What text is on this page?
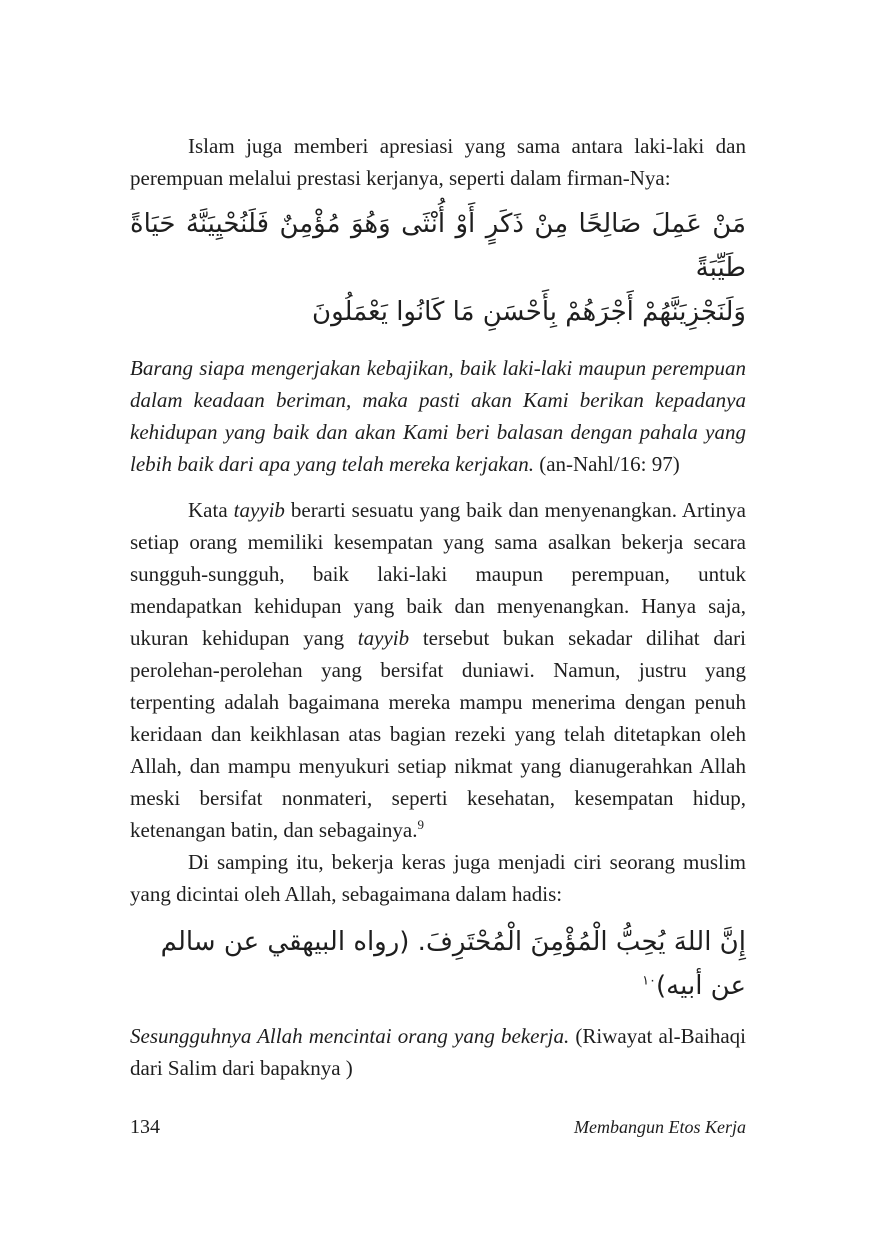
Islam juga memberi apresiasi yang sama antara laki-laki dan perempuan melalui prestasi kerjanya, seperti dalam firman-Nya:

مَنْ عَمِلَ صَالِحًا مِنْ ذَكَرٍ أَوْ أُنْثَى وَهُوَ مُؤْمِنٌ فَلَنُحْيِيَنَّهُ حَيَاةً طَيِّبَةً

وَلَنَجْزِيَنَّهُمْ أَجْرَهُمْ بِأَحْسَنِ مَا كَانُوا يَعْمَلُونَ

Barang siapa mengerjakan kebajikan, baik laki-laki maupun perempuan dalam keadaan beriman, maka pasti akan Kami berikan kepadanya kehidupan yang baik dan akan Kami beri balasan dengan pahala yang lebih baik dari apa yang telah mereka kerjakan. (an-Nahl/16: 97)

Kata tayyib berarti sesuatu yang baik dan menyenangkan. Artinya setiap orang memiliki kesempatan yang sama asalkan bekerja secara sungguh-sungguh, baik laki-laki maupun perempuan, untuk mendapatkan kehidupan yang baik dan menyenangkan. Hanya saja, ukuran kehidupan yang tayyib tersebut bukan sekadar dilihat dari perolehan-perolehan yang bersifat duniawi. Namun, justru yang terpenting adalah bagaimana mereka mampu menerima dengan penuh keridaan dan keikhlasan atas bagian rezeki yang telah ditetapkan oleh Allah, dan mampu menyukuri setiap nikmat yang dianugerahkan Allah meski bersifat nonmateri, seperti kesehatan, kesempatan hidup, ketenangan batin, dan sebagainya.$^9$

Di samping itu, bekerja keras juga menjadi ciri seorang muslim yang dicintai oleh Allah, sebagaimana dalam hadis:

إِنَّ اللهَ يُحِبُّ الْمُؤْمِنَ الْمُحْتَرِفَ. (رواه البيهقي عن سالم عن أبيه)$^{١٠}$

Sesungguhnya Allah mencintai orang yang bekerja. (Riwayat al-Baihaqi dari Salim dari bapaknya )

134	Membangun Etos Kerja
